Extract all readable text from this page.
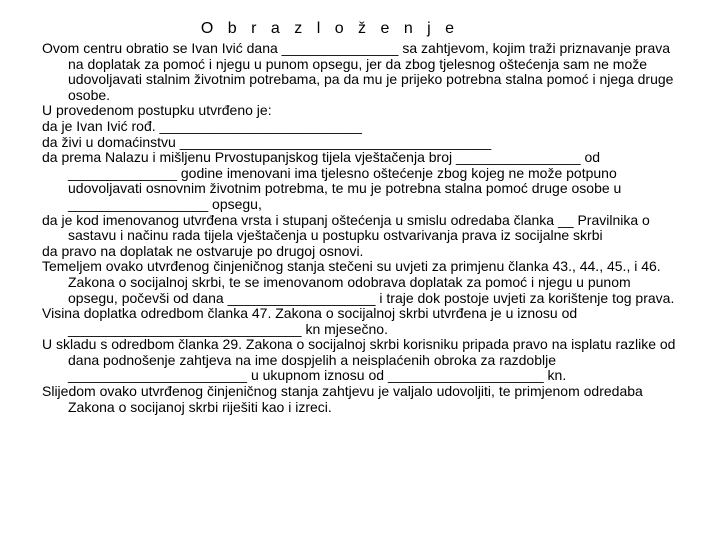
O b r a z l o ž e n j e

Ovom centru obratio se Ivan Ivić dana _______________ sa zahtjevom, kojim traži priznavanje prava na doplatak za pomoć i njegu u punom opsegu, jer da zbog tjelesnog oštećenja sam ne može udovoljavati stalnim životnim potrebama, pa da mu je prijeko potrebna stalna pomoć i njega druge osobe.

U provedenom postupku utvrđeno je:

da je Ivan Ivić rođ. __________________________

da živi u domaćinstvu ________________________________________

da prema Nalazu i mišljenu Prvostupanjskog tijela vještačenja broj ________________ od ______________ godine imenovani ima tjelesno oštećenje zbog kojeg ne može potpuno udovoljavati osnovnim životnim potrebma, te mu je potrebna stalna pomoć druge osobe u __________________ opsegu,

da je kod imenovanog utvrđena vrsta i stupanj oštećenja u smislu odredaba članka __ Pravilnika o sastavu i načinu rada tijela vještačenja u postupku ostvarivanja prava iz socijalne skrbi

da pravo na doplatak ne ostvaruje po drugoj osnovi.

Temeljem ovako utvrđenog činjeničnog stanja stečeni su uvjeti za primjenu članka 43., 44., 45., i 46. Zakona o socijalnoj skrbi, te se imenovanom odobrava doplatak za pomoć i njegu u punom opsegu, počevši od dana ___________________ i traje dok postoje uvjeti za korištenje tog prava.

Visina doplatka odredbom članka 47. Zakona o socijalnoj skrbi utvrđena je u iznosu od ______________________________ kn mjesečno.

U skladu s odredbom članka 29. Zakona o socijalnoj skrbi korisniku pripada pravo na isplatu razlike od dana podnošenje zahtjeva na ime dospjelih a neisplaćenih obroka za razdoblje _______________________ u ukupnom iznosu od ____________________ kn.

Slijedom ovako utvrđenog činjeničnog stanja zahtjevu je valjalo udovoljiti, te primjenom odredaba Zakona o socijanoj skrbi riješiti kao i izreci.
